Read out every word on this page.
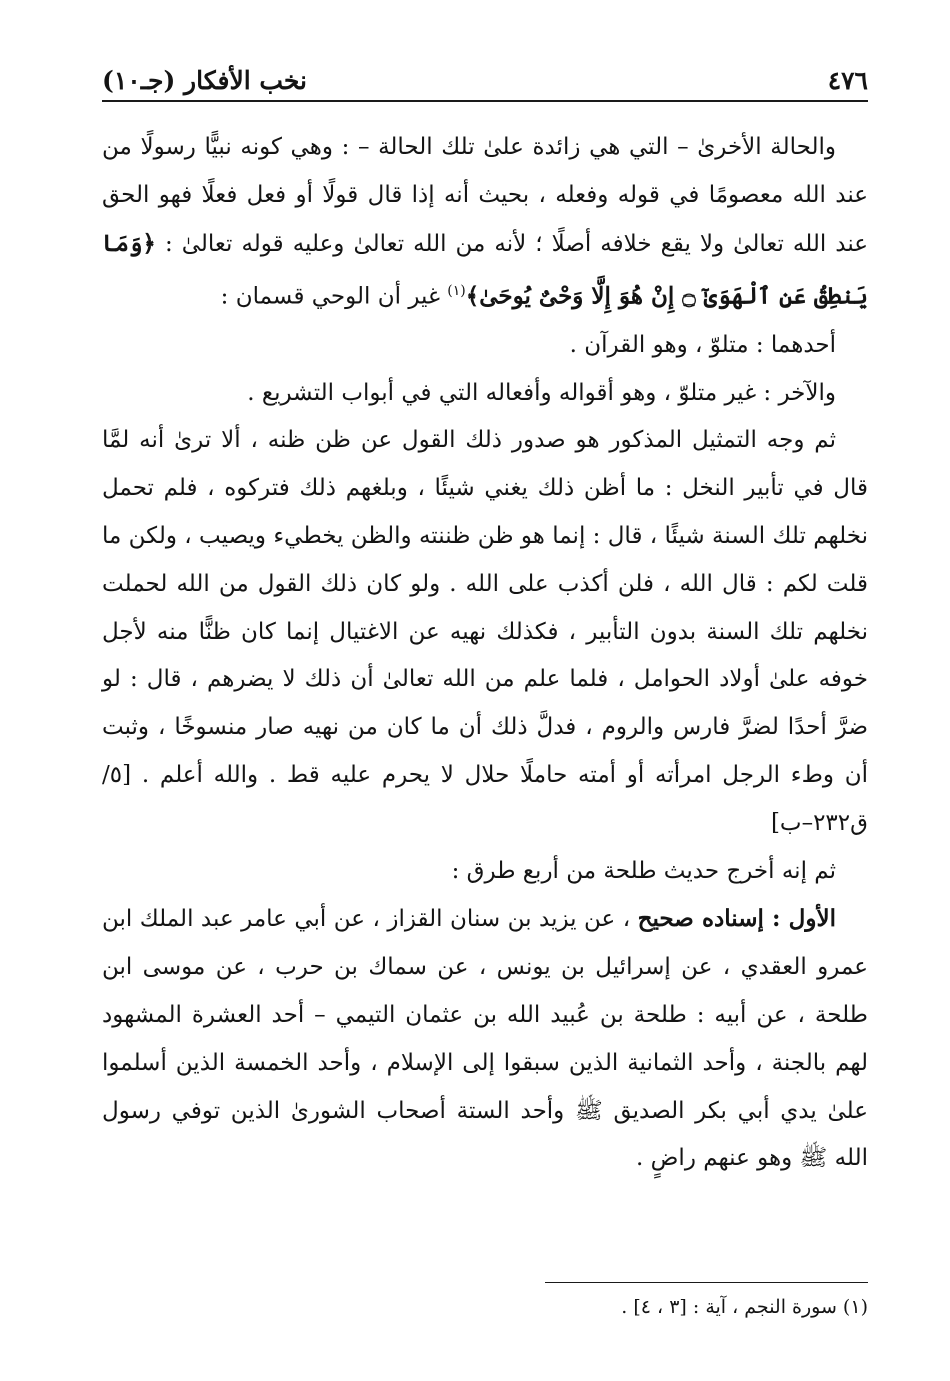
٤٧٦
نخب الأفكار (جـ١٠)

والحالة الأخرىٰ – التي هي زائدة علىٰ تلك الحالة – : وهي كونه نبيًّا رسولًا من عند الله معصومًا في قوله وفعله ، بحيث أنه إذا قال قولًا أو فعل فعلًا فهو الحق عند الله تعالىٰ ولا يقع خلافه أصلًا ؛ لأنه من الله تعالىٰ وعليه قوله تعالىٰ : ﴿وَمَا يَنطِقُ عَنِ ٱلْهَوَىٰٓ ۝ إِنْ هُوَ إِلَّا وَحْىٌ يُوحَىٰ﴾$^{(١)}$ غير أن الوحي قسمان :

أحدهما : متلوّ ، وهو القرآن .

والآخر : غير متلوّ ، وهو أقواله وأفعاله التي في أبواب التشريع .

ثم وجه التمثيل المذكور هو صدور ذلك القول عن ظن ظنه ، ألا ترىٰ أنه لمَّا قال في تأبير النخل : ما أظن ذلك يغني شيئًا ، وبلغهم ذلك فتركوه ، فلم تحمل نخلهم تلك السنة شيئًا ، قال : إنما هو ظن ظننته والظن يخطيء ويصيب ، ولكن ما قلت لكم : قال الله ، فلن أكذب على الله . ولو كان ذلك القول من الله لحملت نخلهم تلك السنة بدون التأبير ، فكذلك نهيه عن الاغتيال إنما كان ظنًّا منه لأجل خوفه علىٰ أولاد الحوامل ، فلما علم من الله تعالىٰ أن ذلك لا يضرهم ، قال : لو ضرَّ أحدًا لضرَّ فارس والروم ، فدلَّ ذلك أن ما كان من نهيه صار منسوخًا ، وثبت أن وطء الرجل امرأته أو أمته حاملًا حلال لا يحرم عليه قط . والله أعلم . [٥/ ق٢٣٢–ب]

ثم إنه أخرج حديث طلحة من أربع طرق :

الأول : إسناده صحيح ، عن يزيد بن سنان القزاز ، عن أبي عامر عبد الملك ابن عمرو العقدي ، عن إسرائيل بن يونس ، عن سماك بن حرب ، عن موسى ابن طلحة ، عن أبيه : طلحة بن عُبيد الله بن عثمان التيمي – أحد العشرة المشهود لهم بالجنة ، وأحد الثمانية الذين سبقوا إلى الإسلام ، وأحد الخمسة الذين أسلموا علىٰ يدي أبي بكر الصديق ﷺ وأحد الستة أصحاب الشورىٰ الذين توفي رسول الله ﷺ وهو عنهم راضٍ .

(١) سورة النجم ، آية : [٣ ، ٤] .
